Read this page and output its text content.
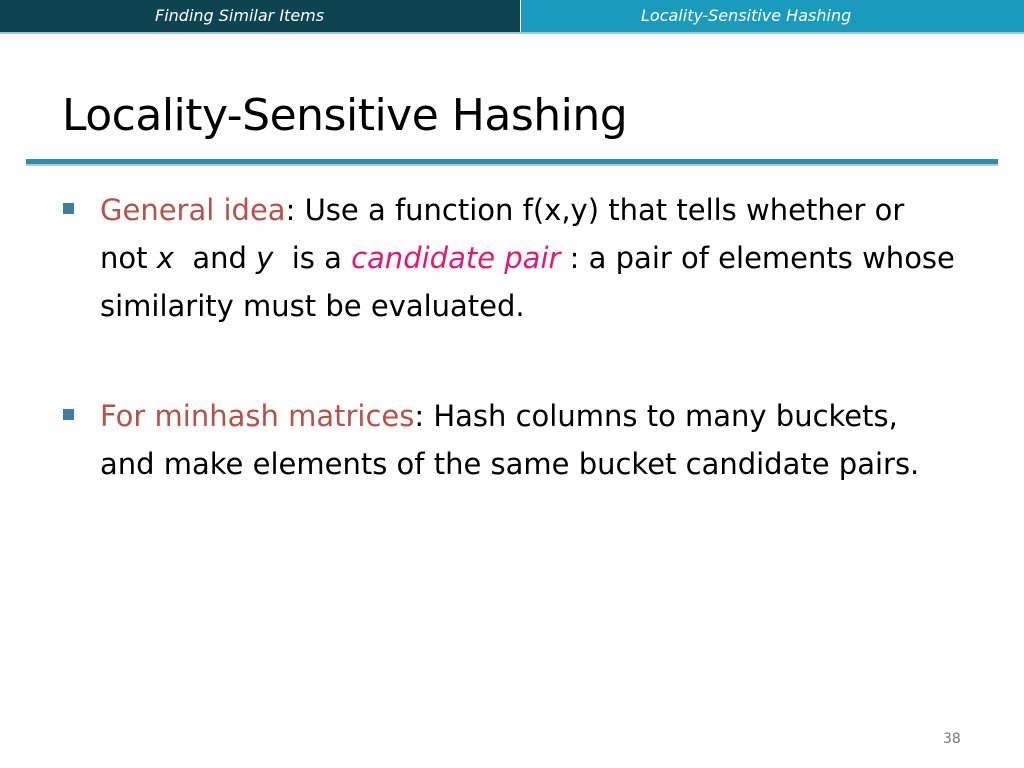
Finding Similar Items	Locality-Sensitive Hashing
Locality-Sensitive Hashing
General idea: Use a function f(x,y) that tells whether or not x  and y  is a candidate pair : a pair of elements whose similarity must be evaluated.
For minhash matrices: Hash columns to many buckets, and make elements of the same bucket candidate pairs.
38
